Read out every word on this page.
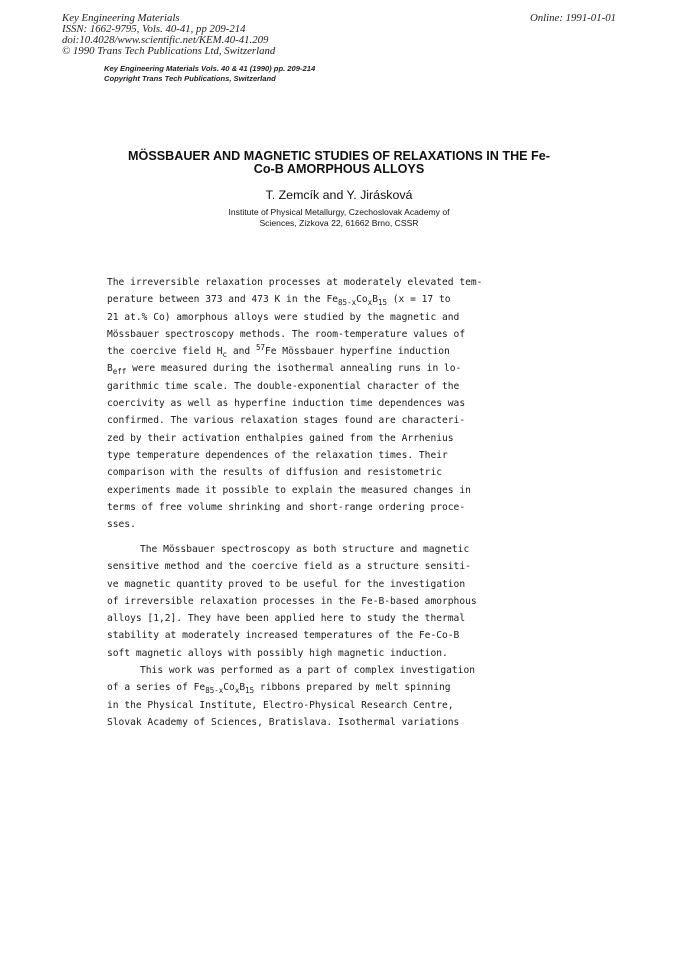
Key Engineering Materials
ISSN: 1662-9795, Vols. 40-41, pp 209-214
doi:10.4028/www.scientific.net/KEM.40-41.209
© 1990 Trans Tech Publications Ltd, Switzerland
Online: 1991-01-01
Key Engineering Materials Vols. 40 & 41 (1990) pp. 209-214
Copyright Trans Tech Publications, Switzerland
MÖSSBAUER AND MAGNETIC STUDIES OF RELAXATIONS IN THE Fe-
Co-B AMORPHOUS ALLOYS
T. Zemcík and Y. Jirásková
Institute of Physical Metallurgy, Czechoslovak Academy of
Sciences, Zizkova 22, 61662 Brno, CSSR
The irreversible relaxation processes at moderately elevated tem-
perature between 373 and 473 K in the $Fe_{85-x}Co_xB_{15}$ (x = 17 to
21 at.% Co) amorphous alloys were studied by the magnetic and
Mössbauer spectroscopy methods. The room-temperature values of
the coercive field $H_c$ and $^{57}$Fe Mössbauer hyperfine induction
$B_{eff}$ were measured during the isothermal annealing runs in lo-
garithmic time scale. The double-exponential character of the
coercivity as well as hyperfine induction time dependences was
confirmed. The various relaxation stages found are characteri-
zed by their activation enthalpies gained from the Arrhenius
type temperature dependences of the relaxation times. Their
comparison with the results of diffusion and resistometric
experiments made it possible to explain the measured changes in
terms of free volume shrinking and short-range ordering proce-
sses.
The Mössbauer spectroscopy as both structure and magnetic
sensitive method and the coercive field as a structure sensiti-
ve magnetic quantity proved to be useful for the investigation
of irreversible relaxation processes in the Fe-B-based amorphous
alloys [1,2]. They have been applied here to study the thermal
stability at moderately increased temperatures of the Fe-Co-B
soft magnetic alloys with possibly high magnetic induction.
This work was performed as a part of complex investigation
of a series of $Fe_{85-x}Co_xB_{15}$ ribbons prepared by melt spinning
in the Physical Institute, Electro-Physical Research Centre,
Slovak Academy of Sciences, Bratislava. Isothermal variations
